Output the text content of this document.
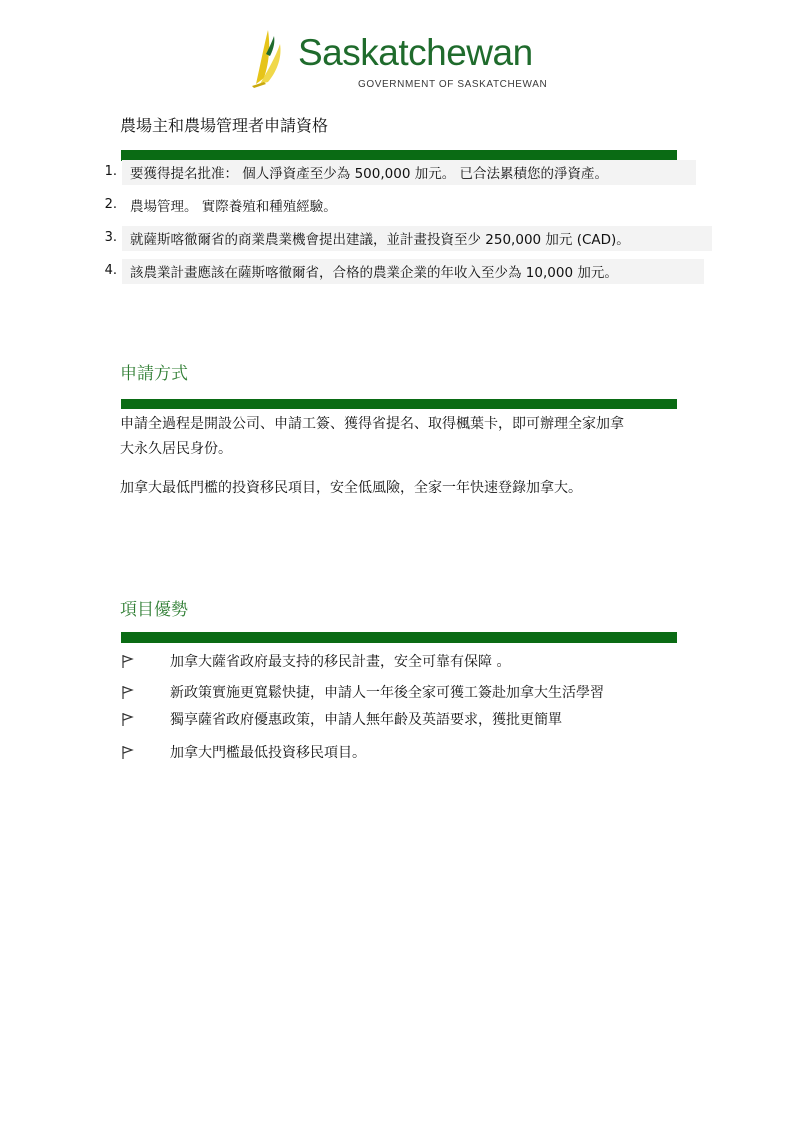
Saskatchewan
GOVERNMENT OF SASKATCHEWAN
農場主和農場管理者申請資格
1. 要獲得提名批准： 個人淨資產至少為 500,000 加元。 已合法累積您的淨資產。
2. 農場管理。 實際養殖和種殖經驗。
3. 就薩斯喀徹爾省的商業農業機會提出建議，並計畫投資至少 250,000 加元 (CAD)。
4. 該農業計畫應該在薩斯喀徹爾省，合格的農業企業的年收入至少為 10,000 加元。
申請方式
申請全過程是開設公司、申請工簽、獲得省提名、取得楓葉卡，即可辦理全家加拿
大永久居民身份。
加拿大最低門檻的投資移民項目，安全低風險，全家一年快速登錄加拿大。
項目優勢
加拿大薩省政府最支持的移民計畫，安全可靠有保障 。
新政策實施更寬鬆快捷，申請人一年後全家可獲工簽赴加拿大生活學習
獨享薩省政府優惠政策，申請人無年齡及英語要求，獲批更簡單
加拿大門檻最低投資移民項目。
